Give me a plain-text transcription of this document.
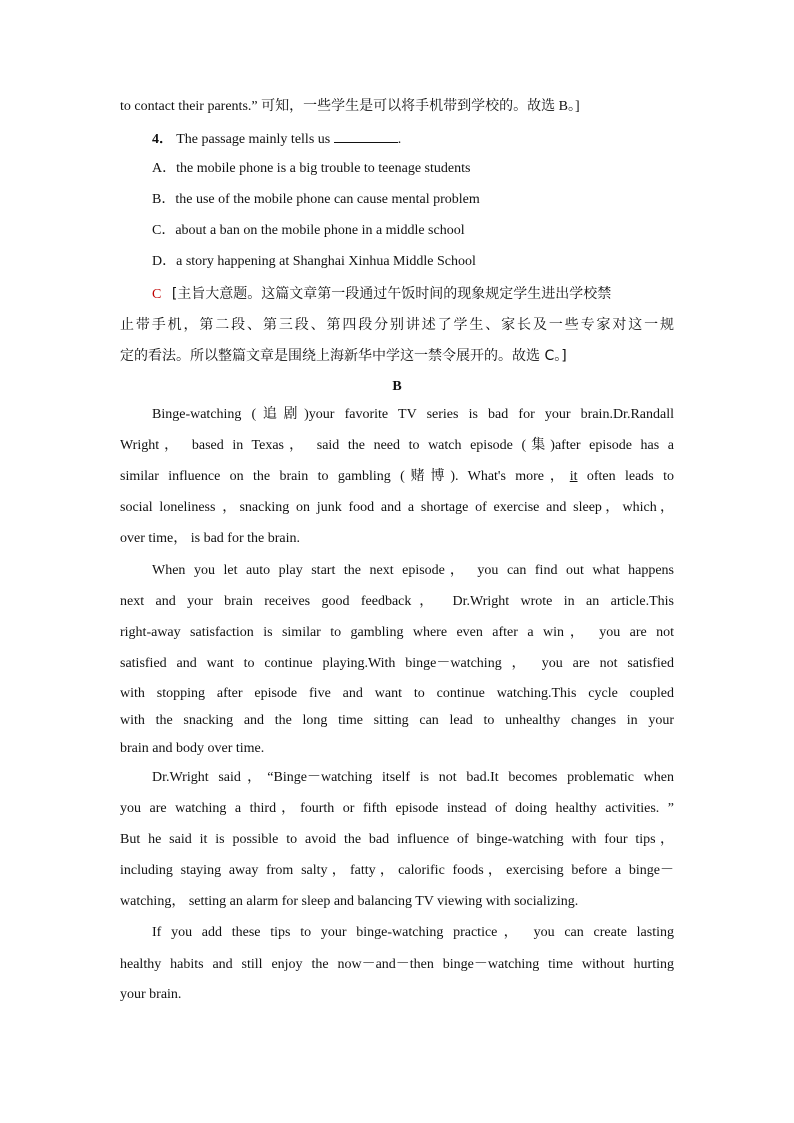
to contact their parents.” 可知，一些学生是可以将手机带到学校的。故选 B。]
4． The passage mainly tells us	.
A．the mobile phone is a big trouble to teenage students
B．the use of the mobile phone can cause mental problem
C．about a ban on the mobile phone in a middle school
D．a story happening at Shanghai Xinhua Middle School
C [主旨大意题。这篇文章第一段通过午饭时间的现象规定学生进出学校禁
止带手机，第二段、第三段、第四段分别讲述了学生、家长及一些专家对这一规
定的看法。所以整篇文章是围绕上海新华中学这一禁令展开的。故选 C。]
B
Binge-watching (追剧)your favorite TV series is bad for your brain.Dr.Randall
Wright， based in Texas， said the need to watch episode (集)after episode has a
similar influence on the brain to gambling (赌博). What's more，it often leads to
social loneliness ，snacking on junk food and a shortage of exercise and sleep，which，
over time， is bad for the brain.
When you let auto play start the next episode， you can find out what happens
next and your brain receives good feedback， Dr.Wright wrote in an article.This
right-away satisfaction is similar to gambling where even after a win， you are not
satisfied and want to continue playing.With binge－watching ， you are not satisfied
with stopping after episode five and want to continue watching.This cycle coupled
with the snacking and the long time sitting can lead to unhealthy changes in your
brain and body over time.
Dr.Wright said，“Binge－watching itself is not bad.It becomes problematic when
you are watching a third，fourth or fifth episode instead of doing healthy activities. ”
But he said it is possible to avoid the bad influence of binge-watching with four tips，
including staying away from salty，fatty，calorific foods，exercising before a binge－
watching， setting an alarm for sleep and balancing TV viewing with socializing.
If you add these tips to your binge-watching practice， you can create lasting
healthy habits and still enjoy the now－and－then binge－watching time without hurting
your brain.
